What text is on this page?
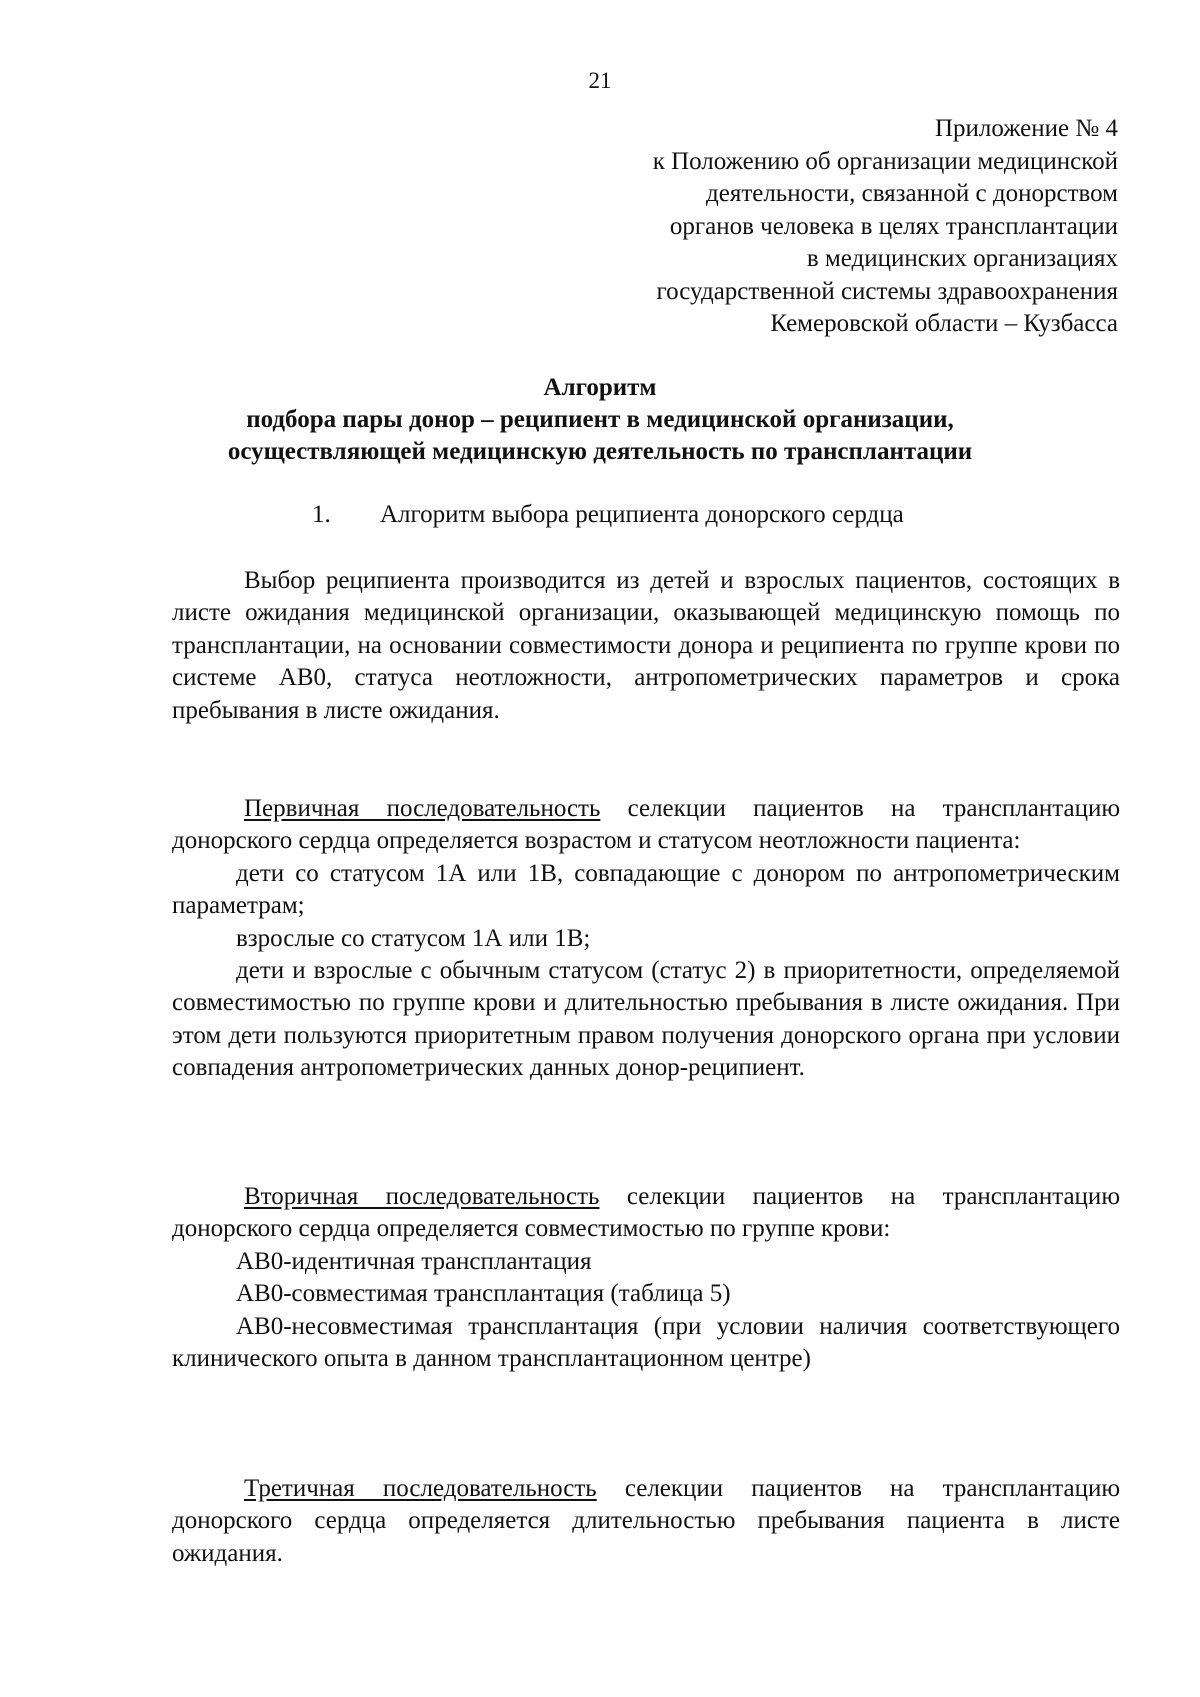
21
Приложение № 4
к Положению об организации медицинской
деятельности, связанной с донорством
органов человека в целях трансплантации
в медицинских организациях
государственной системы здравоохранения
Кемеровской области – Кузбасса
Алгоритм
подбора пары донор – реципиент в медицинской организации,
осуществляющей медицинскую деятельность по трансплантации
1. Алгоритм выбора реципиента донорского сердца

Выбор реципиента производится из детей и взрослых пациентов, состоящих в листе ожидания медицинской организации, оказывающей медицинскую помощь по трансплантации, на основании совместимости донора и реципиента по группе крови по системе АВ0, статуса неотложности, антропометрических параметров и срока пребывания в листе ожидания.

Первичная последовательность селекции пациентов на трансплантацию донорского сердца определяется возрастом и статусом неотложности пациента:

дети со статусом 1А или 1В, совпадающие с донором по антропометрическим параметрам;

взрослые со статусом 1А или 1В;

дети и взрослые с обычным статусом (статус 2) в приоритетности, определяемой совместимостью по группе крови и длительностью пребывания в листе ожидания. При этом дети пользуются приоритетным правом получения донорского органа при условии совпадения антропометрических данных донор-реципиент.

Вторичная последовательность селекции пациентов на трансплантацию донорского сердца определяется совместимостью по группе крови:

АВ0-идентичная трансплантация

АВ0-совместимая трансплантация (таблица 5)

АВ0-несовместимая трансплантация (при условии наличия соответствующего клинического опыта в данном трансплантационном центре)

Третичная последовательность селекции пациентов на трансплантацию донорского сердца определяется длительностью пребывания пациента в листе ожидания.
